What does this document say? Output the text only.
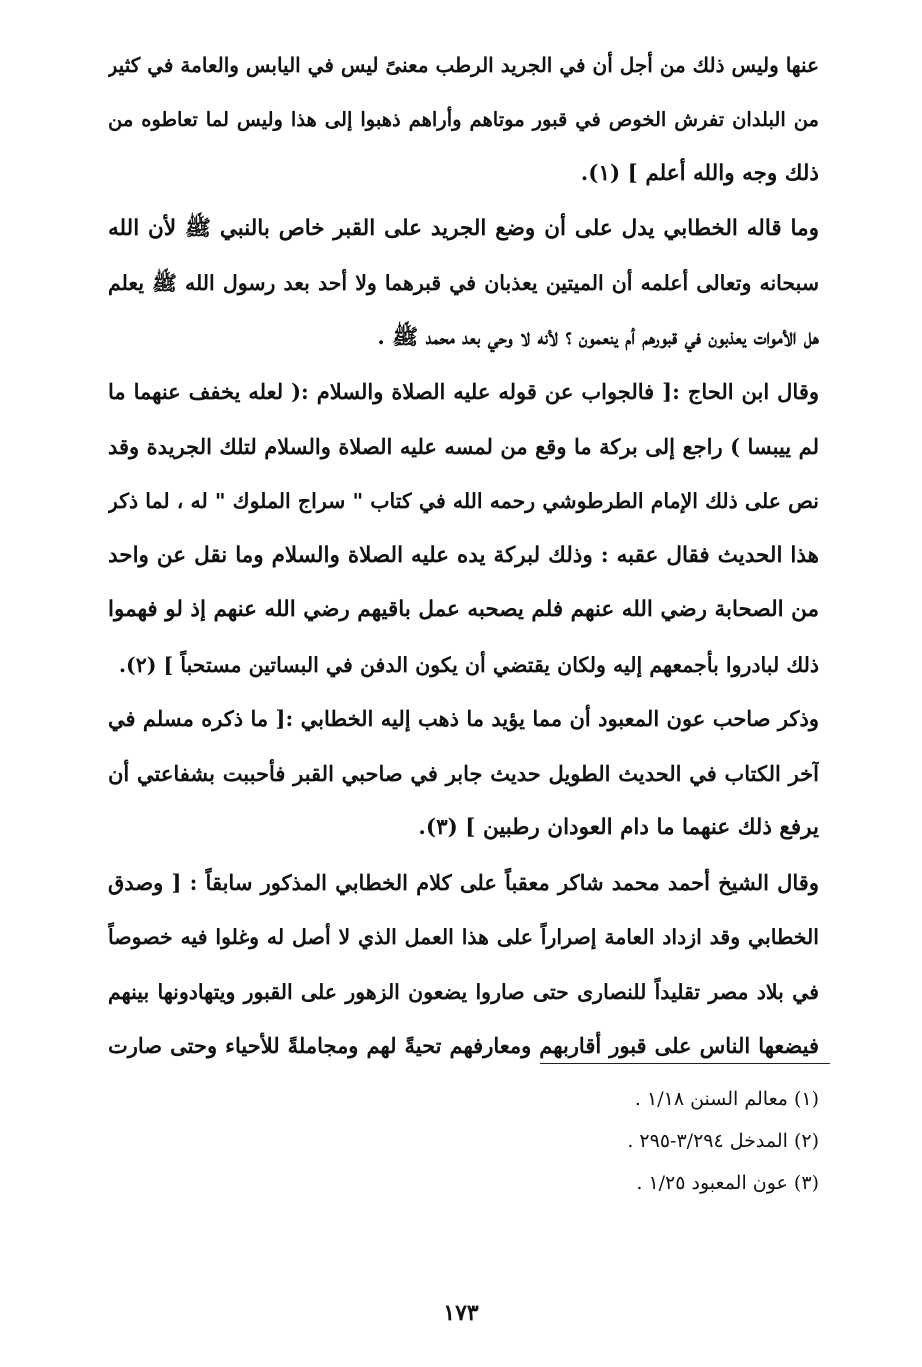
عنها وليس ذلك من أجل أن في الجريد الرطب معنىً ليس في اليابس والعامة في كثير
من البلدان تفرش الخوص في قبور موتاهم وأراهم ذهبوا إلى هذا وليس لما تعاطوه من
ذلك وجه والله أعلم ] (١).
وما قاله الخطابي يدل على أن وضع الجريد على القبر خاص بالنبي ﷺ لأن الله
سبحانه وتعالى أعلمه أن الميتين يعذبان في قبرهما ولا أحد بعد رسول الله ﷺ يعلم
هل الأموات يعذبون في قبورهم أم ينعمون ؟ لأنه لا وحي بعد محمد ﷺ .
وقال ابن الحاج :[ فالجواب عن قوله عليه الصلاة والسلام :( لعله يخفف عنهما ما
لم ييبسا ) راجع إلى بركة ما وقع من لمسه عليه الصلاة والسلام لتلك الجريدة وقد
نص على ذلك الإمام الطرطوشي رحمه الله في كتاب " سراج الملوك " له ، لما ذكر
هذا الحديث فقال عقبه : وذلك لبركة يده عليه الصلاة والسلام وما نقل عن واحد
من الصحابة رضي الله عنهم فلم يصحبه عمل باقيهم رضي الله عنهم إذ لو فهموا
ذلك لبادروا بأجمعهم إليه ولكان يقتضي أن يكون الدفن في البساتين مستحباً ] (٢).
وذكر صاحب عون المعبود أن مما يؤيد ما ذهب إليه الخطابي :[ ما ذكره مسلم في
آخر الكتاب في الحديث الطويل حديث جابر في صاحبي القبر فأحببت بشفاعتي أن
يرفع ذلك عنهما ما دام العودان رطبين ] (٣).
وقال الشيخ أحمد محمد شاكر معقباً على كلام الخطابي المذكور سابقاً : [ وصدق
الخطابي وقد ازداد العامة إصراراً على هذا العمل الذي لا أصل له وغلوا فيه خصوصاً
في بلاد مصر تقليداً للنصارى حتى صاروا يضعون الزهور على القبور ويتهادونها بينهم
فيضعها الناس على قبور أقاربهم ومعارفهم تحيةً لهم ومجاملةً للأحياء وحتى صارت
(١) معالم السنن ١/١٨ .
(٢) المدخل ٣/٢٩٤-٢٩٥ .
(٣) عون المعبود ١/٢٥ .
١٧٣
